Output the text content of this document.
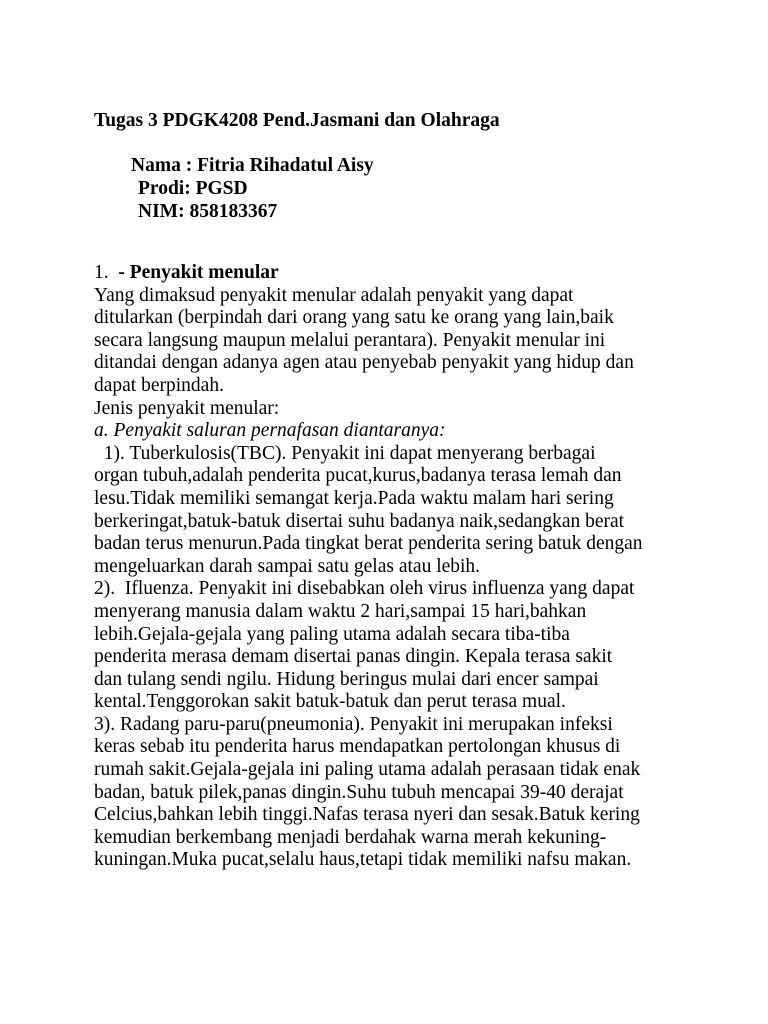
Tugas 3 PDGK4208 Pend.Jasmani dan Olahraga
Nama : Fitria Rihadatul Aisy
Prodi: PGSD
NIM: 858183367
1.  - Penyakit menular
Yang dimaksud penyakit menular adalah penyakit yang dapat
ditularkan (berpindah dari orang yang satu ke orang yang lain,baik
secara langsung maupun melalui perantara). Penyakit menular ini
ditandai dengan adanya agen atau penyebab penyakit yang hidup dan
dapat berpindah.
Jenis penyakit menular:
a. Penyakit saluran pernafasan diantaranya:
1). Tuberkulosis(TBC). Penyakit ini dapat menyerang berbagai
organ tubuh,adalah penderita pucat,kurus,badanya terasa lemah dan
lesu.Tidak memiliki semangat kerja.Pada waktu malam hari sering
berkeringat,batuk-batuk disertai suhu badanya naik,sedangkan berat
badan terus menurun.Pada tingkat berat penderita sering batuk dengan
mengeluarkan darah sampai satu gelas atau lebih.
2).  Ifluenza. Penyakit ini disebabkan oleh virus influenza yang dapat
menyerang manusia dalam waktu 2 hari,sampai 15 hari,bahkan
lebih.Gejala-gejala yang paling utama adalah secara tiba-tiba
penderita merasa demam disertai panas dingin. Kepala terasa sakit
dan tulang sendi ngilu. Hidung beringus mulai dari encer sampai
kental.Tenggorokan sakit batuk-batuk dan perut terasa mual.
3). Radang paru-paru(pneumonia). Penyakit ini merupakan infeksi
keras sebab itu penderita harus mendapatkan pertolongan khusus di
rumah sakit.Gejala-gejala ini paling utama adalah perasaan tidak enak
badan, batuk pilek,panas dingin.Suhu tubuh mencapai 39-40 derajat
Celcius,bahkan lebih tinggi.Nafas terasa nyeri dan sesak.Batuk kering
kemudian berkembang menjadi berdahak warna merah kekuning-
kuningan.Muka pucat,selalu haus,tetapi tidak memiliki nafsu makan.
